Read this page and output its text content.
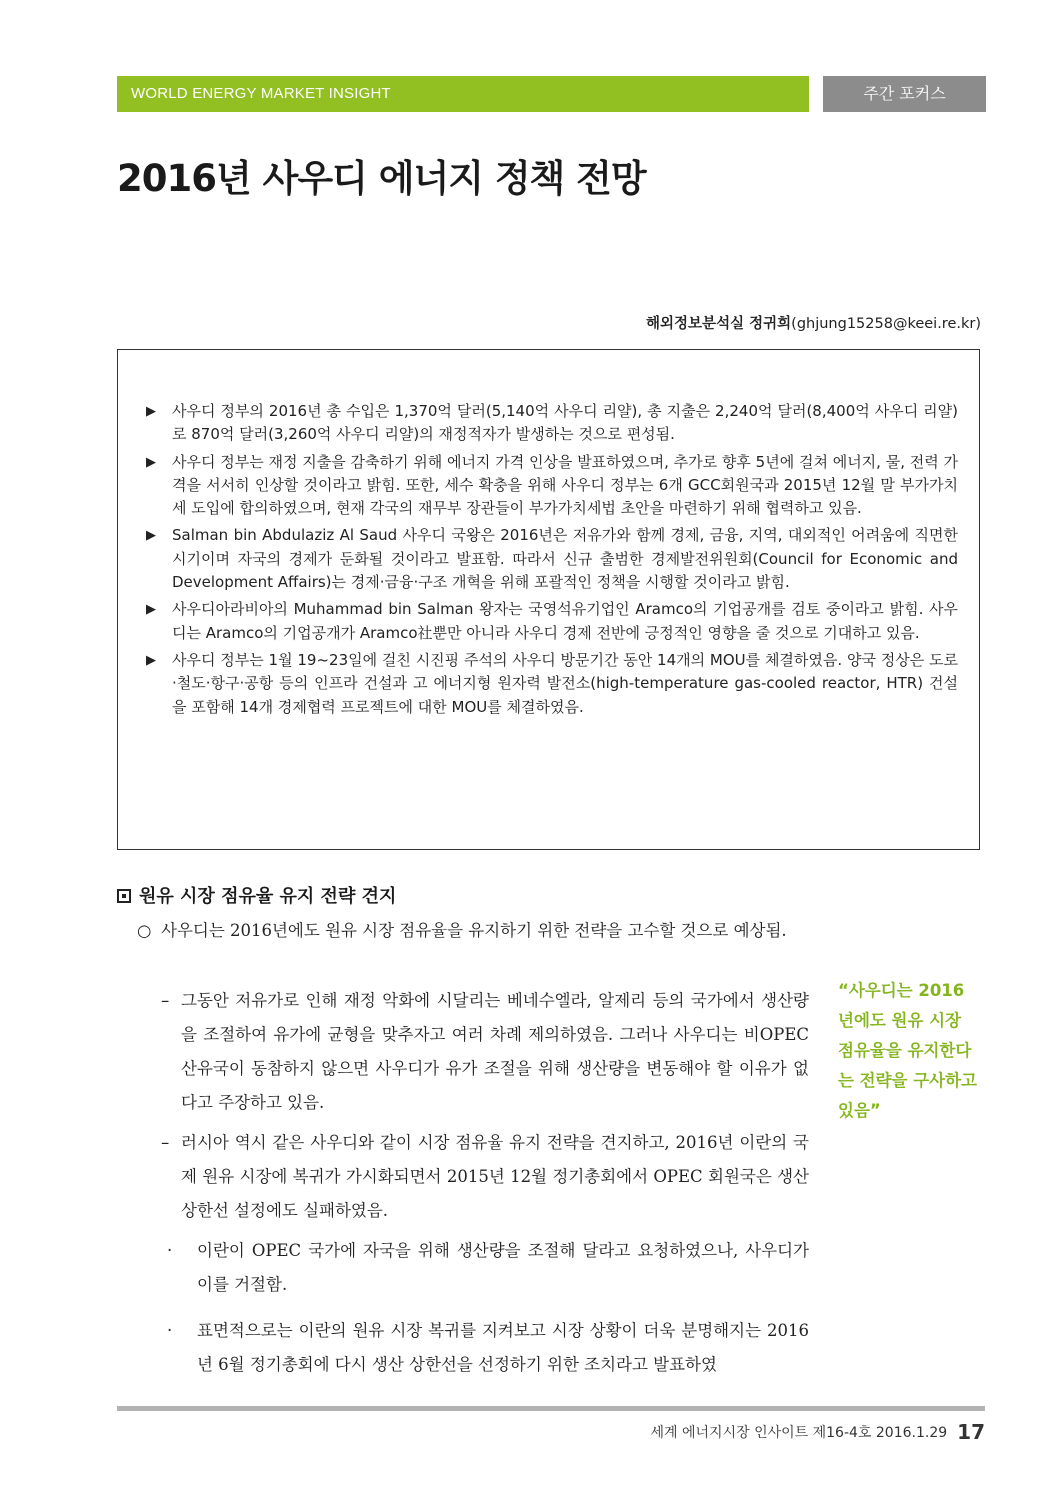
WORLD ENERGY MARKET INSIGHT	주간 포커스
2016년 사우디 에너지 정책 전망
해외정보분석실 정귀희(ghjung15258@keei.re.kr)
▶ 사우디 정부의 2016년 총 수입은 1,370억 달러(5,140억 사우디 리얄), 총 지출은 2,240억 달러(8,400억 사우디 리얄)로 870억 달러(3,260억 사우디 리얄)의 재정적자가 발생하는 것으로 편성됨.
▶ 사우디 정부는 재정 지출을 감축하기 위해 에너지 가격 인상을 발표하였으며, 추가로 향후 5년에 걸쳐 에너지, 물, 전력 가격을 서서히 인상할 것이라고 밝힘. 또한, 세수 확충을 위해 사우디 정부는 6개 GCC회원국과 2015년 12월 말 부가가치세 도입에 합의하였으며, 현재 각국의 재무부 장관들이 부가가치세법 초안을 마련하기 위해 협력하고 있음.
▶ Salman bin Abdulaziz Al Saud 사우디 국왕은 2016년은 저유가와 함께 경제, 금융, 지역, 대외적인 어려움에 직면한 시기이며 자국의 경제가 둔화될 것이라고 발표함. 따라서 신규 출범한 경제발전위원회(Council for Economic and Development Affairs)는 경제·금융·구조 개혁을 위해 포괄적인 정책을 시행할 것이라고 밝힘.
▶ 사우디아라비아의 Muhammad bin Salman 왕자는 국영석유기업인 Aramco의 기업공개를 검토 중이라고 밝힘. 사우디는 Aramco의 기업공개가 Aramco社뿐만 아니라 사우디 경제 전반에 긍정적인 영향을 줄 것으로 기대하고 있음.
▶ 사우디 정부는 1월 19~23일에 걸친 시진핑 주석의 사우디 방문기간 동안 14개의 MOU를 체결하였음. 양국 정상은 도로·철도·항구·공항 등의 인프라 건설과 고 에너지형 원자력 발전소(high-temperature gas-cooled reactor, HTR) 건설을 포함해 14개 경제협력 프로젝트에 대한 MOU를 체결하였음.
원유 시장 점유율 유지 전략 견지
○ 사우디는 2016년에도 원유 시장 점유율을 유지하기 위한 전략을 고수할 것으로 예상됨.
– 그동안 저유가로 인해 재정 악화에 시달리는 베네수엘라, 알제리 등의 국가에서 생산량을 조절하여 유가에 균형을 맞추자고 여러 차례 제의하였음. 그러나 사우디는 비OPEC 산유국이 동참하지 않으면 사우디가 유가 조절을 위해 생산량을 변동해야 할 이유가 없다고 주장하고 있음.
– 러시아 역시 같은 사우디와 같이 시장 점유율 유지 전략을 견지하고, 2016년 이란의 국제 원유 시장에 복귀가 가시화되면서 2015년 12월 정기총회에서 OPEC 회원국은 생산 상한선 설정에도 실패하였음.
·	이란이 OPEC 국가에 자국을 위해 생산량을 조절해 달라고 요청하였으나, 사우디가 이를 거절함.
·	표면적으로는 이란의 원유 시장 복귀를 지켜보고 시장 상황이 더욱 분명해지는 2016년 6월 정기총회에 다시 생산 상한선을 선정하기 위한 조치라고 발표하였
“사우디는 2016년에도 원유 시장 점유율을 유지한다는 전략을 구사하고 있음”
세계 에너지시장 인사이트 제16-4호 2016.1.29 17
